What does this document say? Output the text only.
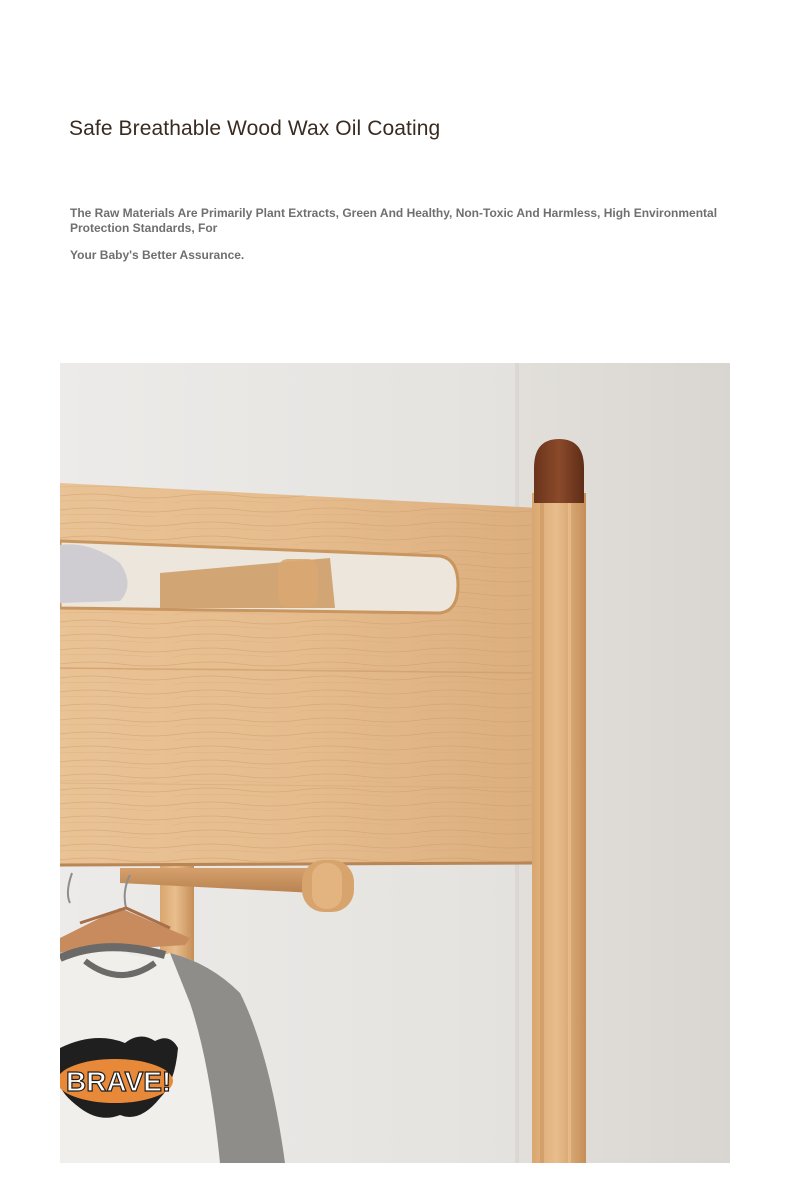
Safe Breathable Wood Wax Oil Coating

The Raw Materials Are Primarily Plant Extracts, Green And Healthy, Non-Toxic And Harmless, High Environmental Protection Standards, For

Your Baby's Better Assurance.

BRAVE!
